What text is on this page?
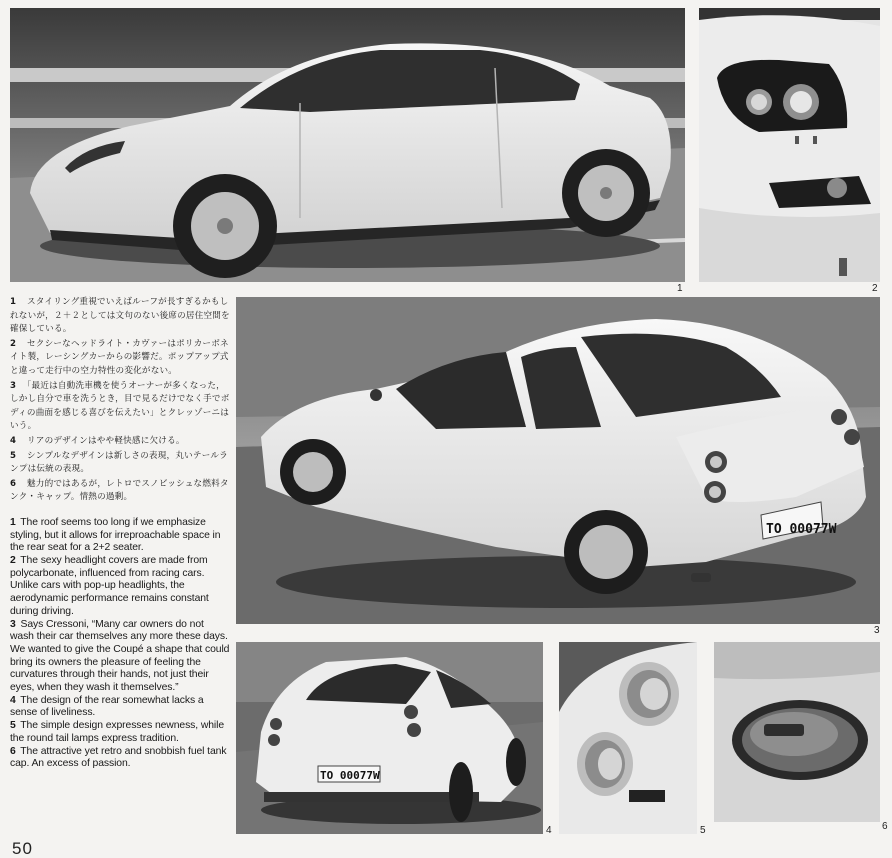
1	2
TO 00077W
3
TO 00077W
4	5	6

1　 スタイリング重視でいえばルーフが長すぎるかもしれないが，２＋２としては文句のない後席の居住空間を確保している。

2　 セクシーなヘッドライト・カヴァーはポリカーボネイト製，レーシングカーからの影響だ。ポップアップ式と違って走行中の空力特性の変化がない。

3　 「最近は自動洗車機を使うオーナーが多くなった，しかし自分で車を洗うとき，目で見るだけでなく手でボディの曲面を感じる喜びを伝えたい」とクレッゾーニはいう。

4　 リアのデザインはやや軽快感に欠ける。

5　 シンプルなデザインは新しさの表現，丸いテールランプは伝統の表現。

6　 魅力的ではあるが，レトロでスノビッシュな燃料タンク・キャップ。情熱の過剰。

1 The roof seems too long if we emphasize styling, but it allows for irreproachable space in the rear seat for a 2+2 seater.

2 The sexy headlight covers are made from polycarbonate, influenced from racing cars. Unlike cars with pop-up headlights, the aerodynamic performance remains constant during driving.

3 Says Cressoni, “Many car owners do not wash their car themselves any more these days. We wanted to give the Coupé a shape that could bring its owners the pleasure of feeling the curvatures through their hands, not just their eyes, when they wash it themselves.”

4 The design of the rear somewhat lacks a sense of liveliness.

5 The simple design expresses newness, while the round tail lamps express tradition.

6 The attractive yet retro and snobbish fuel tank cap. An excess of passion.

50
